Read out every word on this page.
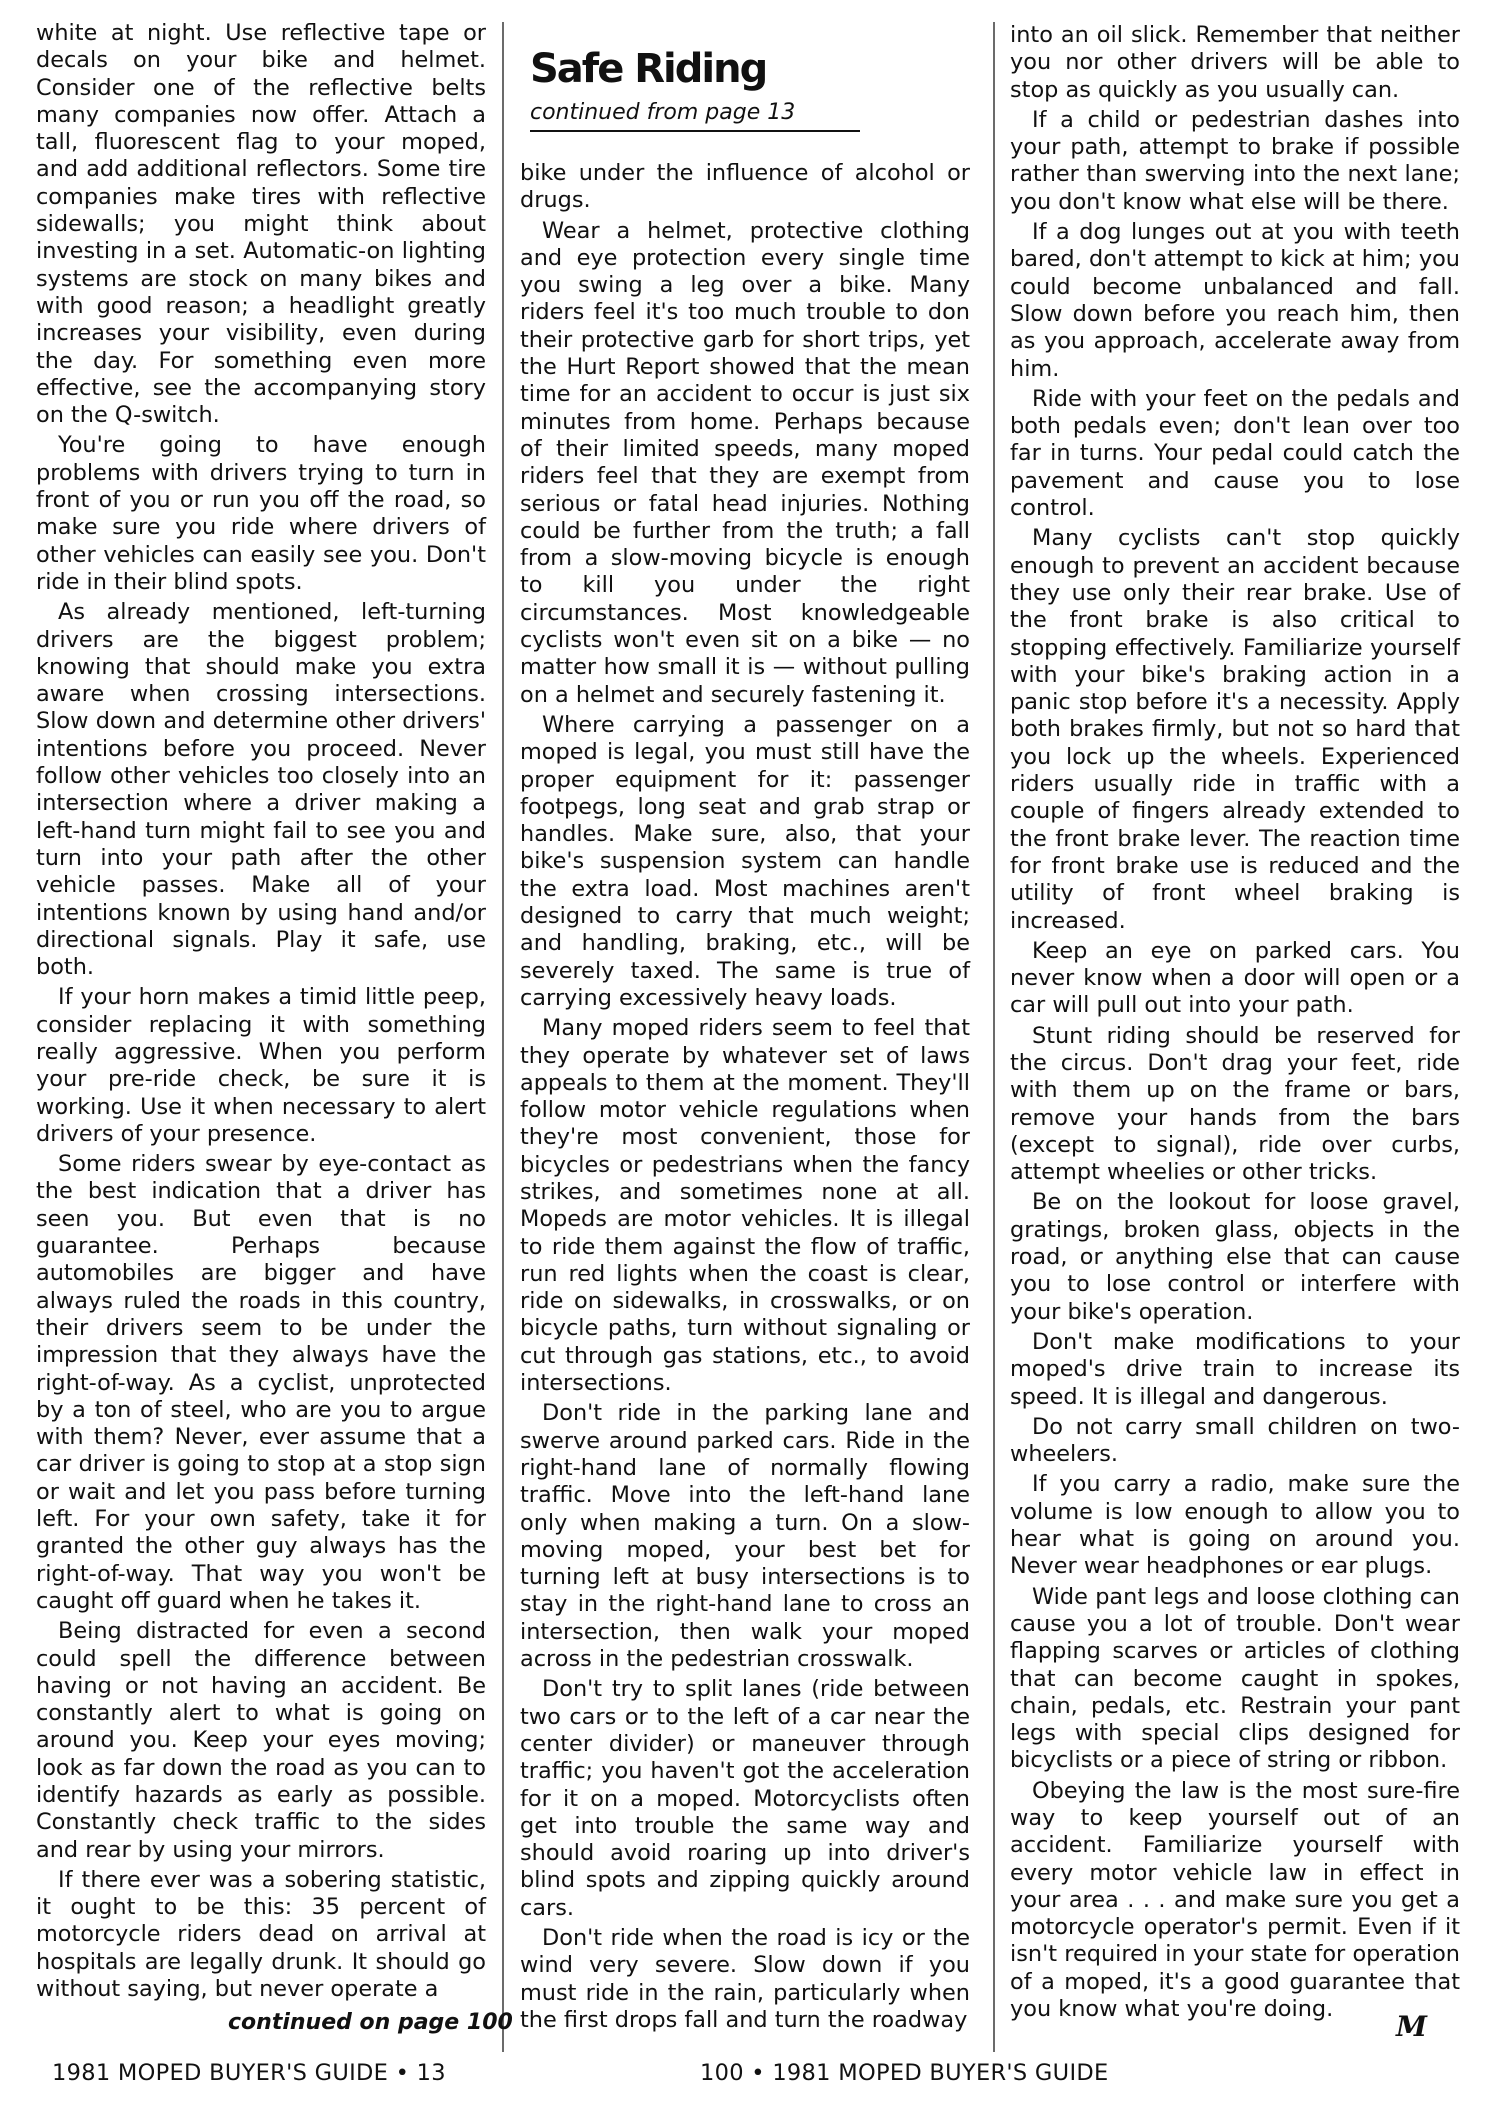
white at night. Use reflective tape or decals on your bike and helmet. Consider one of the reflective belts many companies now offer. Attach a tall, fluorescent flag to your moped, and add additional reflectors. Some tire companies make tires with reflective sidewalls; you might think about investing in a set. Automatic-on lighting systems are stock on many bikes and with good reason; a headlight greatly increases your visibility, even during the day. For something even more effective, see the accompanying story on the Q-switch.

You're going to have enough problems with drivers trying to turn in front of you or run you off the road, so make sure you ride where drivers of other vehicles can easily see you. Don't ride in their blind spots.

As already mentioned, left-turning drivers are the biggest problem; knowing that should make you extra aware when crossing intersections. Slow down and determine other drivers' intentions before you proceed. Never follow other vehicles too closely into an intersection where a driver making a left-hand turn might fail to see you and turn into your path after the other vehicle passes. Make all of your intentions known by using hand and/or directional signals. Play it safe, use both.

If your horn makes a timid little peep, consider replacing it with something really aggressive. When you perform your pre-ride check, be sure it is working. Use it when necessary to alert drivers of your presence.

Some riders swear by eye-contact as the best indication that a driver has seen you. But even that is no guarantee. Perhaps because automobiles are bigger and have always ruled the roads in this country, their drivers seem to be under the impression that they always have the right-of-way. As a cyclist, unprotected by a ton of steel, who are you to argue with them? Never, ever assume that a car driver is going to stop at a stop sign or wait and let you pass before turning left. For your own safety, take it for granted the other guy always has the right-of-way. That way you won't be caught off guard when he takes it.

Being distracted for even a second could spell the difference between having or not having an accident. Be constantly alert to what is going on around you. Keep your eyes moving; look as far down the road as you can to identify hazards as early as possible. Constantly check traffic to the sides and rear by using your mirrors.

If there ever was a sobering statistic, it ought to be this: 35 percent of motorcycle riders dead on arrival at hospitals are legally drunk. It should go without saying, but never operate a

Safe Riding
continued from page 13

bike under the influence of alcohol or drugs.

Wear a helmet, protective clothing and eye protection every single time you swing a leg over a bike. Many riders feel it's too much trouble to don their protective garb for short trips, yet the Hurt Report showed that the mean time for an accident to occur is just six minutes from home. Perhaps because of their limited speeds, many moped riders feel that they are exempt from serious or fatal head injuries. Nothing could be further from the truth; a fall from a slow-moving bicycle is enough to kill you under the right circumstances. Most knowledgeable cyclists won't even sit on a bike — no matter how small it is — without pulling on a helmet and securely fastening it.

Where carrying a passenger on a moped is legal, you must still have the proper equipment for it: passenger footpegs, long seat and grab strap or handles. Make sure, also, that your bike's suspension system can handle the extra load. Most machines aren't designed to carry that much weight; and handling, braking, etc., will be severely taxed. The same is true of carrying excessively heavy loads.

Many moped riders seem to feel that they operate by whatever set of laws appeals to them at the moment. They'll follow motor vehicle regulations when they're most convenient, those for bicycles or pedestrians when the fancy strikes, and sometimes none at all. Mopeds are motor vehicles. It is illegal to ride them against the flow of traffic, run red lights when the coast is clear, ride on sidewalks, in crosswalks, or on bicycle paths, turn without signaling or cut through gas stations, etc., to avoid intersections.

Don't ride in the parking lane and swerve around parked cars. Ride in the right-hand lane of normally flowing traffic. Move into the left-hand lane only when making a turn. On a slow-moving moped, your best bet for turning left at busy intersections is to stay in the right-hand lane to cross an intersection, then walk your moped across in the pedestrian crosswalk.

Don't try to split lanes (ride between two cars or to the left of a car near the center divider) or maneuver through traffic; you haven't got the acceleration for it on a moped. Motorcyclists often get into trouble the same way and should avoid roaring up into driver's blind spots and zipping quickly around cars.

Don't ride when the road is icy or the wind very severe. Slow down if you must ride in the rain, particularly when the first drops fall and turn the roadway

into an oil slick. Remember that neither you nor other drivers will be able to stop as quickly as you usually can.

If a child or pedestrian dashes into your path, attempt to brake if possible rather than swerving into the next lane; you don't know what else will be there.

If a dog lunges out at you with teeth bared, don't attempt to kick at him; you could become unbalanced and fall. Slow down before you reach him, then as you approach, accelerate away from him.

Ride with your feet on the pedals and both pedals even; don't lean over too far in turns. Your pedal could catch the pavement and cause you to lose control.

Many cyclists can't stop quickly enough to prevent an accident because they use only their rear brake. Use of the front brake is also critical to stopping effectively. Familiarize yourself with your bike's braking action in a panic stop before it's a necessity. Apply both brakes firmly, but not so hard that you lock up the wheels. Experienced riders usually ride in traffic with a couple of fingers already extended to the front brake lever. The reaction time for front brake use is reduced and the utility of front wheel braking is increased.

Keep an eye on parked cars. You never know when a door will open or a car will pull out into your path.

Stunt riding should be reserved for the circus. Don't drag your feet, ride with them up on the frame or bars, remove your hands from the bars (except to signal), ride over curbs, attempt wheelies or other tricks.

Be on the lookout for loose gravel, gratings, broken glass, objects in the road, or anything else that can cause you to lose control or interfere with your bike's operation.

Don't make modifications to your moped's drive train to increase its speed. It is illegal and dangerous.

Do not carry small children on two-wheelers.

If you carry a radio, make sure the volume is low enough to allow you to hear what is going on around you. Never wear headphones or ear plugs.

Wide pant legs and loose clothing can cause you a lot of trouble. Don't wear flapping scarves or articles of clothing that can become caught in spokes, chain, pedals, etc. Restrain your pant legs with special clips designed for bicyclists or a piece of string or ribbon.

Obeying the law is the most sure-fire way to keep yourself out of an accident. Familiarize yourself with every motor vehicle law in effect in your area . . . and make sure you get a motorcycle operator's permit. Even if it isn't required in your state for operation of a moped, it's a good guarantee that you know what you're doing.

continued on page 100	M
1981 MOPED BUYER'S GUIDE • 13	100 • 1981 MOPED BUYER'S GUIDE
